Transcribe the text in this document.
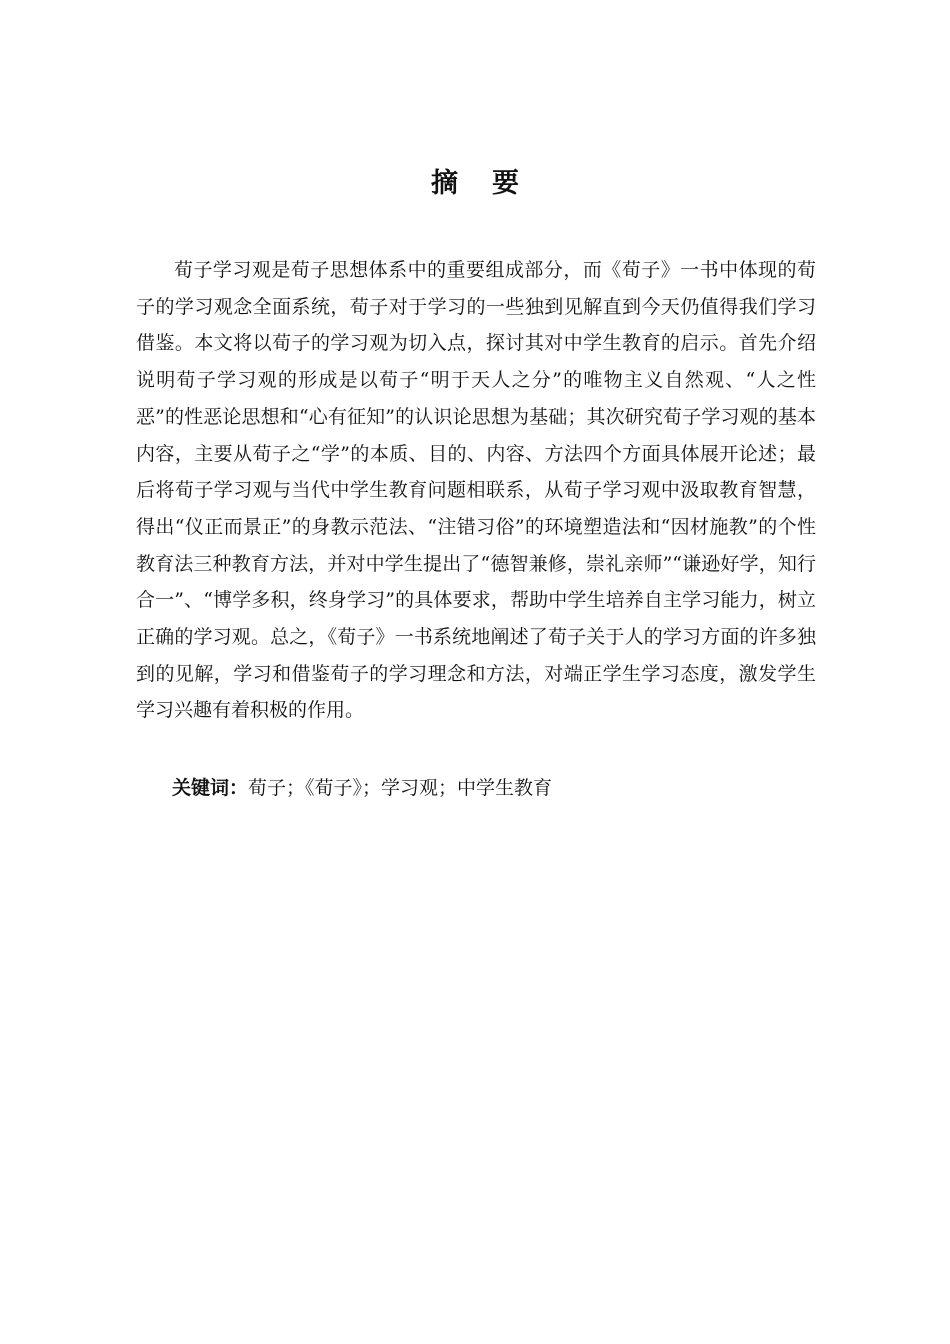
摘要

荀子学习观是荀子思想体系中的重要组成部分，而《荀子》一书中体现的荀子的学习观念全面系统，荀子对于学习的一些独到见解直到今天仍值得我们学习借鉴。本文将以荀子的学习观为切入点，探讨其对中学生教育的启示。首先介绍说明荀子学习观的形成是以荀子“明于天人之分”的唯物主义自然观、“人之性恶”的性恶论思想和“心有征知”的认识论思想为基础；其次研究荀子学习观的基本内容，主要从荀子之“学”的本质、目的、内容、方法四个方面具体展开论述；最后将荀子学习观与当代中学生教育问题相联系，从荀子学习观中汲取教育智慧，得出“仪正而景正”的身教示范法、“注错习俗”的环境塑造法和“因材施教”的个性教育法三种教育方法，并对中学生提出了“德智兼修，崇礼亲师”“谦逊好学，知行合一”、“博学多积，终身学习”的具体要求，帮助中学生培养自主学习能力，树立正确的学习观。总之，《荀子》一书系统地阐述了荀子关于人的学习方面的许多独到的见解，学习和借鉴荀子的学习理念和方法，对端正学生学习态度，激发学生学习兴趣有着积极的作用。

关键词：荀子；《荀子》；学习观；中学生教育
